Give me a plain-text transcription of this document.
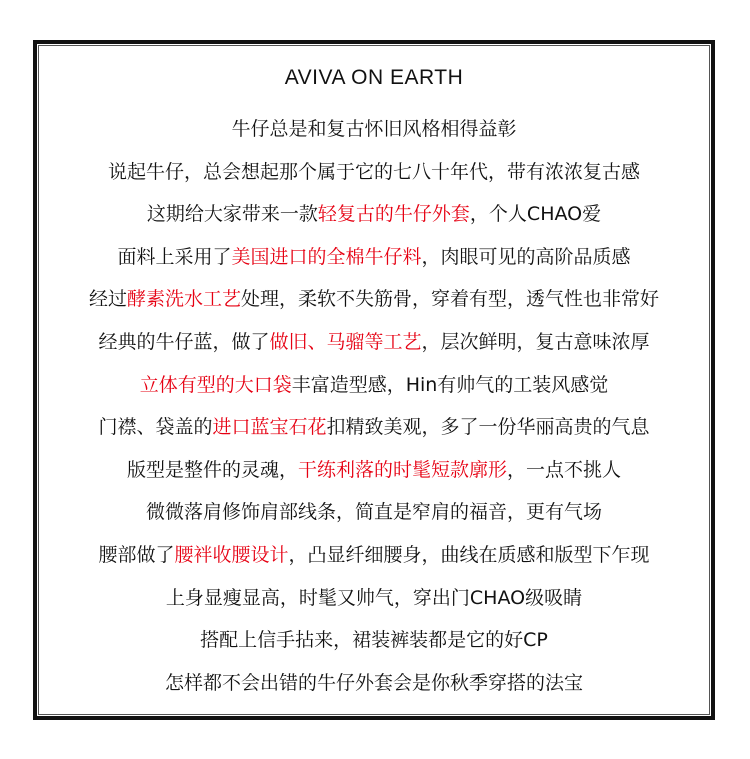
AVIVA ON EARTH
牛仔总是和复古怀旧风格相得益彰
说起牛仔，总会想起那个属于它的七八十年代，带有浓浓复古感
这期给大家带来一款轻复古的牛仔外套，个人CHAO爱
面料上采用了美国进口的全棉牛仔料，肉眼可见的高阶品质感
经过酵素洗水工艺处理，柔软不失筋骨，穿着有型，透气性也非常好
经典的牛仔蓝，做了做旧、马骝等工艺，层次鲜明，复古意味浓厚
立体有型的大口袋丰富造型感，Hin有帅气的工装风感觉
门襟、袋盖的进口蓝宝石花扣精致美观，多了一份华丽高贵的气息
版型是整件的灵魂，干练利落的时髦短款廓形，一点不挑人
微微落肩修饰肩部线条，简直是窄肩的福音，更有气场
腰部做了腰袢收腰设计，凸显纤细腰身，曲线在质感和版型下乍现
上身显瘦显高，时髦又帅气，穿出门CHAO级吸睛
搭配上信手拈来，裙装裤装都是它的好CP
怎样都不会出错的牛仔外套会是你秋季穿搭的法宝
